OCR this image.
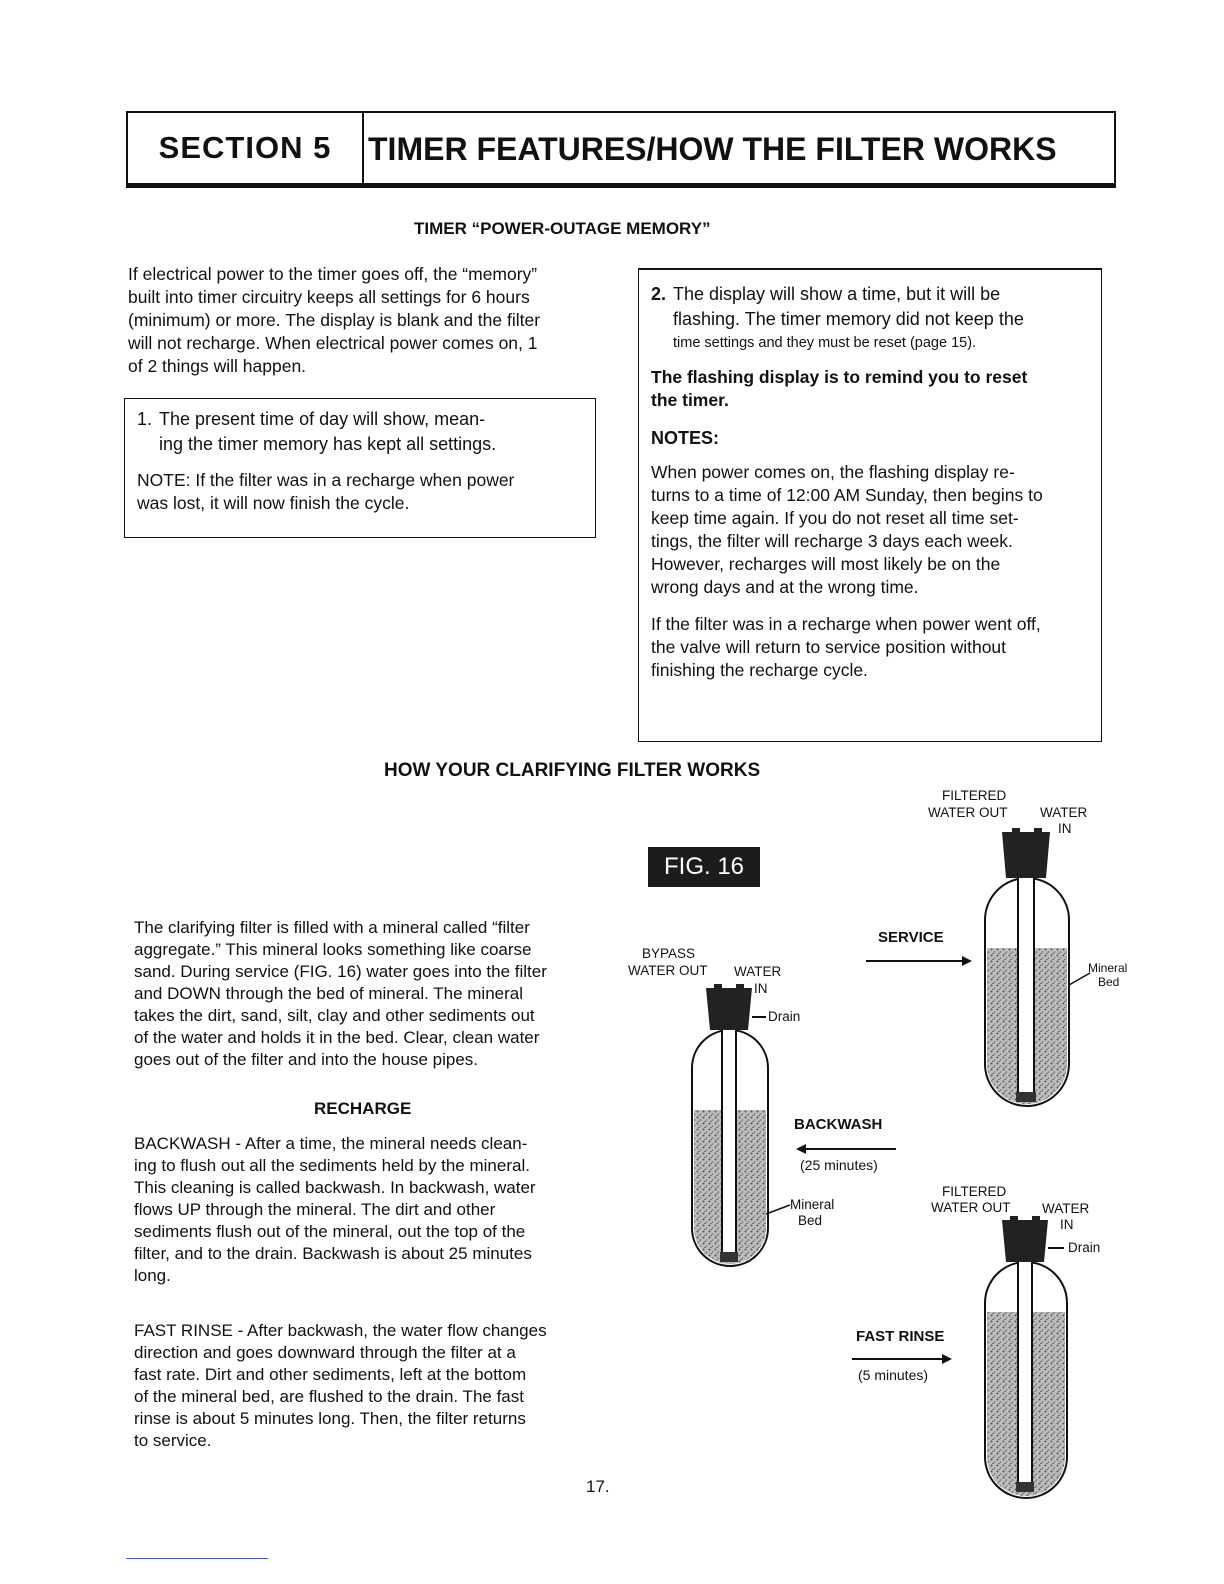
SECTION 5	TIMER FEATURES/HOW THE FILTER WORKS
TIMER “POWER-OUTAGE MEMORY”
If electrical power to the timer goes off, the “memory”
built into timer circuitry keeps all settings for 6 hours
(minimum) or more. The display is blank and the filter
will not recharge. When electrical power comes on, 1
of 2 things will happen.
1. The present time of day will show, mean-
ing the timer memory has kept all settings.
NOTE: If the filter was in a recharge when power
was lost, it will now finish the cycle.
2. The display will show a time, but it will be
flashing. The timer memory did not keep the
time settings and they must be reset (page 15).
The flashing display is to remind you to reset
the timer.
NOTES:
When power comes on, the flashing display re-
turns to a time of 12:00 AM Sunday, then begins to
keep time again. If you do not reset all time set-
tings, the filter will recharge 3 days each week.
However, recharges will most likely be on the
wrong days and at the wrong time.
If the filter was in a recharge when power went off,
the valve will return to service position without
finishing the recharge cycle.
HOW YOUR CLARIFYING FILTER WORKS
The clarifying filter is filled with a mineral called “filter
aggregate.” This mineral looks something like coarse
sand. During service (FIG. 16) water goes into the filter
and DOWN through the bed of mineral. The mineral
takes the dirt, sand, silt, clay and other sediments out
of the water and holds it in the bed. Clear, clean water
goes out of the filter and into the house pipes.
RECHARGE
BACKWASH - After a time, the mineral needs clean-
ing to flush out all the sediments held by the mineral.
This cleaning is called backwash. In backwash, water
flows UP through the mineral. The dirt and other
sediments flush out of the mineral, out the top of the
filter, and to the drain. Backwash is about 25 minutes
long.
FAST RINSE - After backwash, the water flow changes
direction and goes downward through the filter at a
fast rate. Dirt and other sediments, left at the bottom
of the mineral bed, are flushed to the drain. The fast
rinse is about 5 minutes long. Then, the filter returns
to service.
FIG. 16
FILTERED
WATER OUT WATER
IN
SERVICE
Mineral
Bed
BYPASS
WATER OUT WATER
IN
Drain
BACKWASH
(25 minutes)
Mineral
Bed
FILTERED
WATER OUT WATER
IN
Drain
FAST RINSE
(5 minutes)
17.
